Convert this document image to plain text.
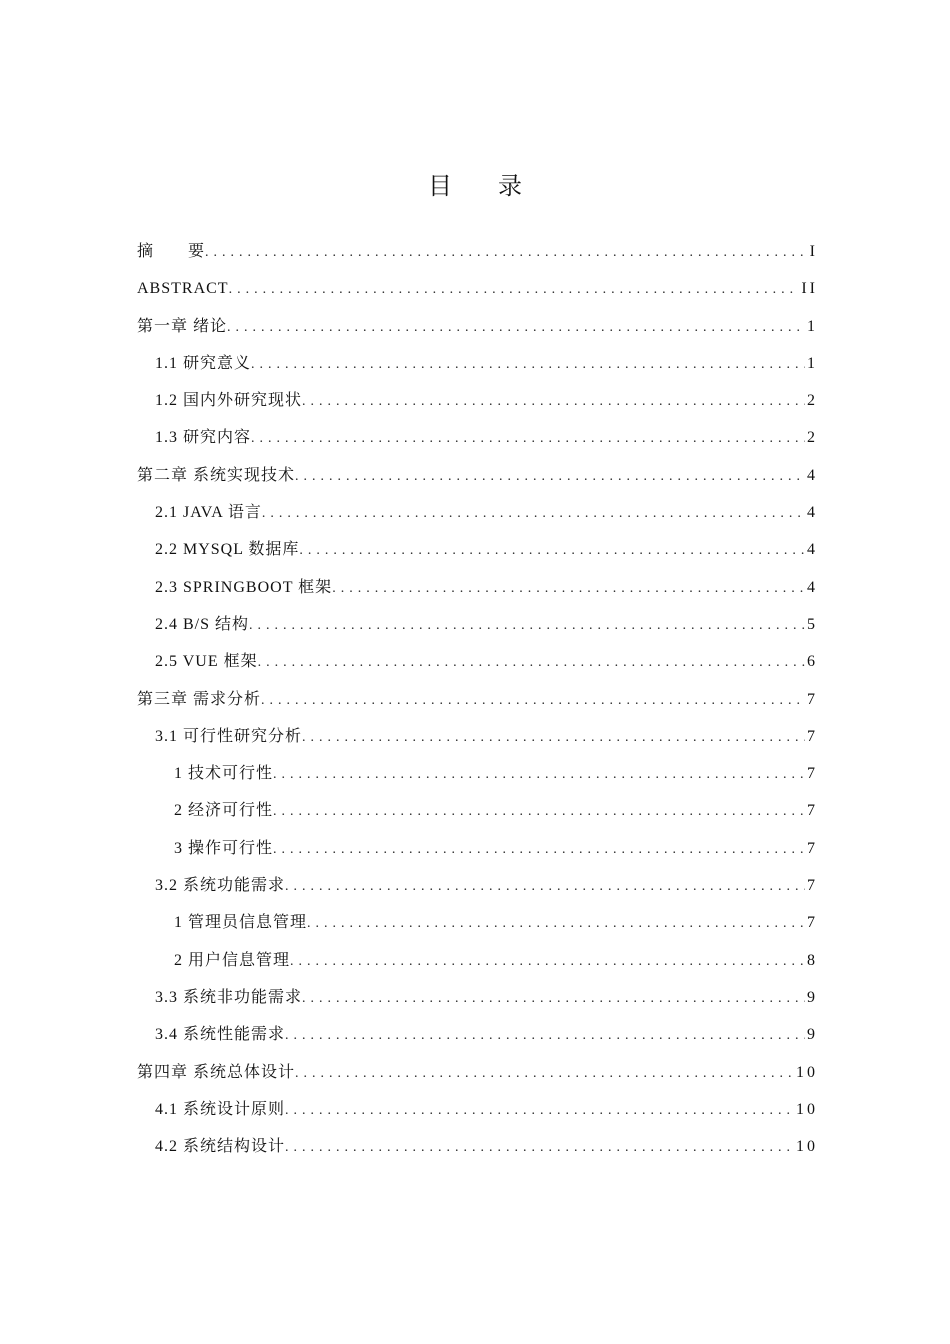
目录
摘　　要 . . .	I
ABSTRACT . . .	II
第一章 绪论 . . .	1
1.1 研究意义 . . .	1
1.2 国内外研究现状 . . .	2
1.3 研究内容 . . .	2
第二章 系统实现技术 . . .	4
2.1 JAVA 语言 . . .	4
2.2 MYSQL 数据库 . . .	4
2.3 SPRINGBOOT 框架 . . .	4
2.4 B/S 结构 . . .	5
2.5 VUE 框架 . . .	6
第三章 需求分析 . . .	7
3.1 可行性研究分析 . . .	7
1 技术可行性 . . .	7
2 经济可行性 . . .	7
3 操作可行性 . . .	7
3.2 系统功能需求 . . .	7
1 管理员信息管理 . . .	7
2 用户信息管理 . . .	8
3.3 系统非功能需求 . . .	9
3.4 系统性能需求 . . .	9
第四章 系统总体设计 . . .	10
4.1 系统设计原则 . . .	10
4.2 系统结构设计 . . .	10
